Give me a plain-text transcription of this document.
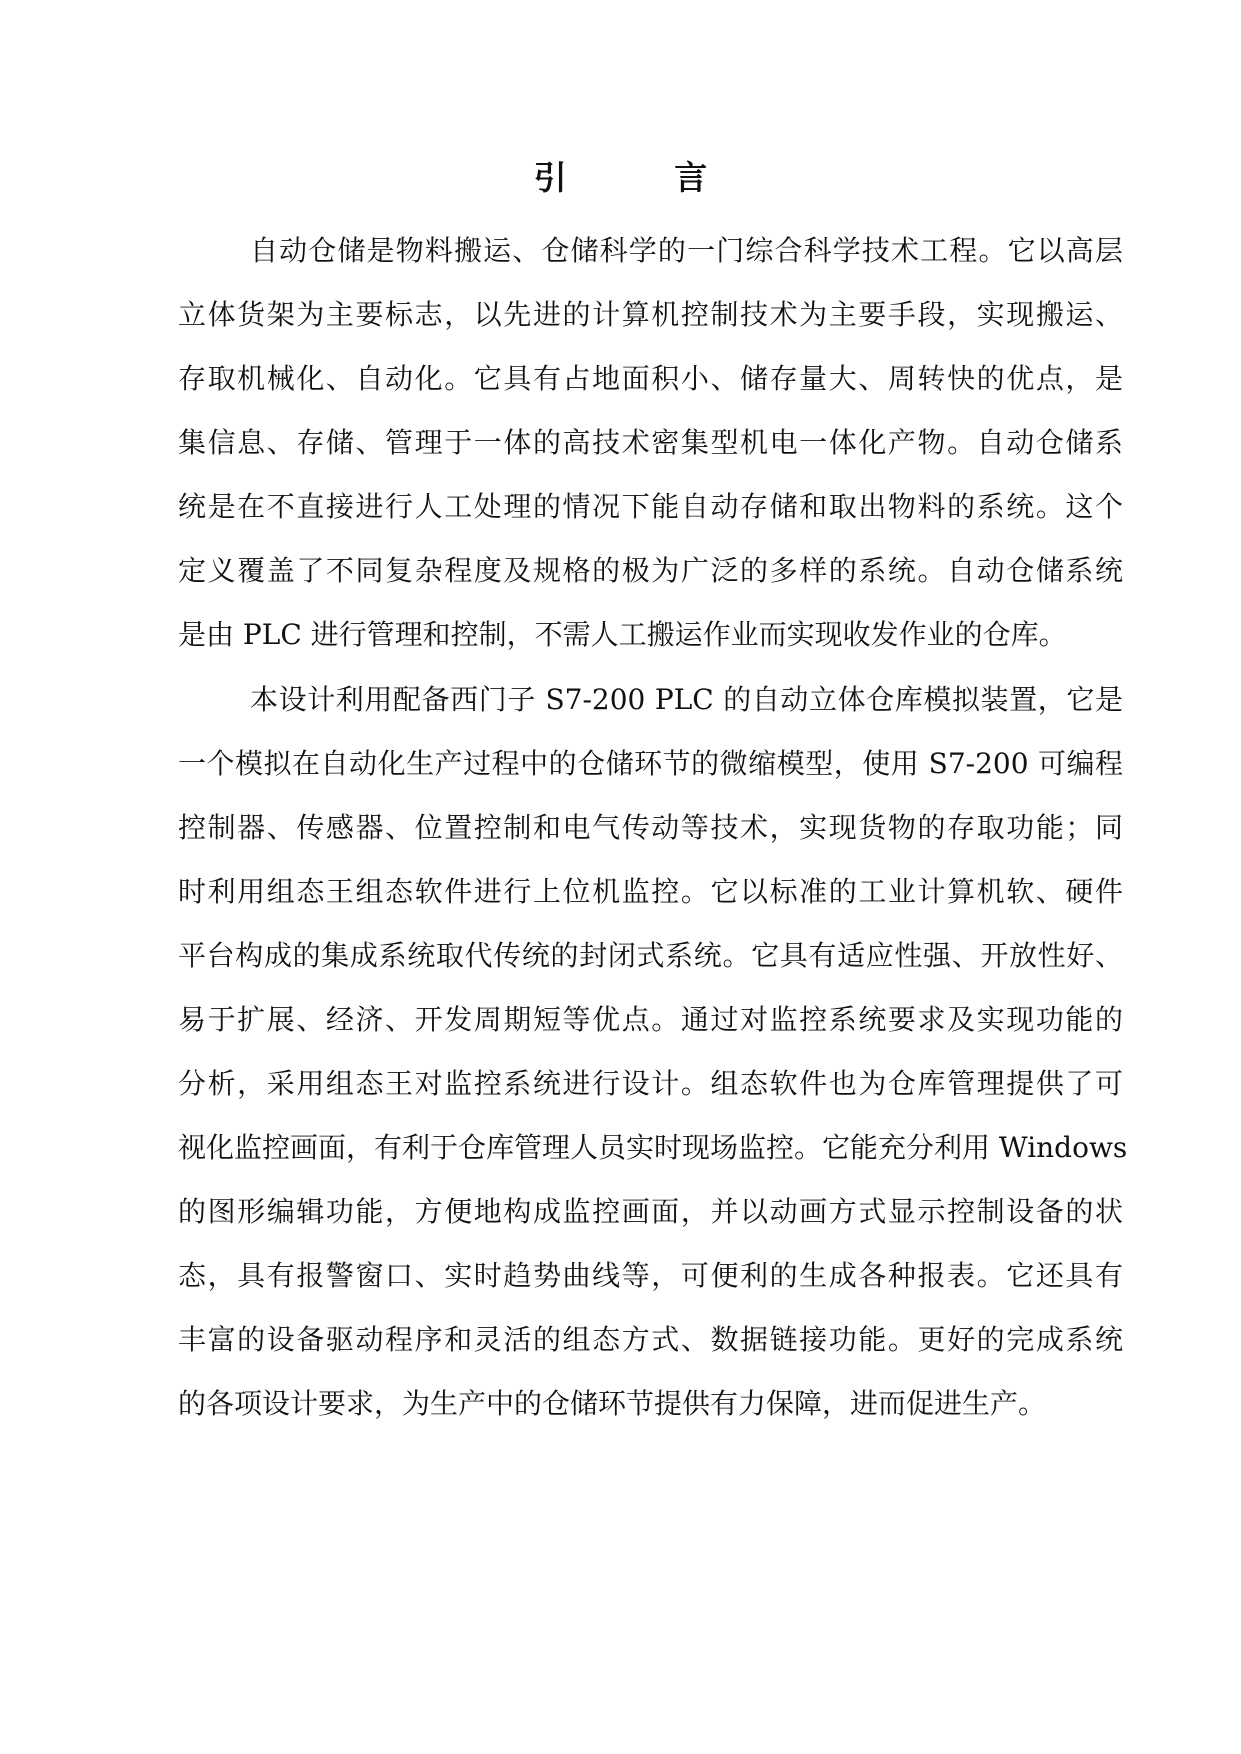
引 言
自动仓储是物料搬运、仓储科学的一门综合科学技术工程。它以高层
立体货架为主要标志，以先进的计算机控制技术为主要手段，实现搬运、
存取机械化、自动化。它具有占地面积小、储存量大、周转快的优点，是
集信息、存储、管理于一体的高技术密集型机电一体化产物。自动仓储系
统是在不直接进行人工处理的情况下能自动存储和取出物料的系统。这个
定义覆盖了不同复杂程度及规格的极为广泛的多样的系统。自动仓储系统
是由 PLC 进行管理和控制，不需人工搬运作业而实现收发作业的仓库。
本设计利用配备西门子 S7-200 PLC 的自动立体仓库模拟装置，它是
一个模拟在自动化生产过程中的仓储环节的微缩模型，使用 S7-200 可编程
控制器、传感器、位置控制和电气传动等技术，实现货物的存取功能；同
时利用组态王组态软件进行上位机监控。它以标准的工业计算机软、硬件
平台构成的集成系统取代传统的封闭式系统。它具有适应性强、开放性好、
易于扩展、经济、开发周期短等优点。通过对监控系统要求及实现功能的
分析，采用组态王对监控系统进行设计。组态软件也为仓库管理提供了可
视化监控画面，有利于仓库管理人员实时现场监控。它能充分利用 Windows
的图形编辑功能，方便地构成监控画面，并以动画方式显示控制设备的状
态，具有报警窗口、实时趋势曲线等，可便利的生成各种报表。它还具有
丰富的设备驱动程序和灵活的组态方式、数据链接功能。更好的完成系统
的各项设计要求，为生产中的仓储环节提供有力保障，进而促进生产。
